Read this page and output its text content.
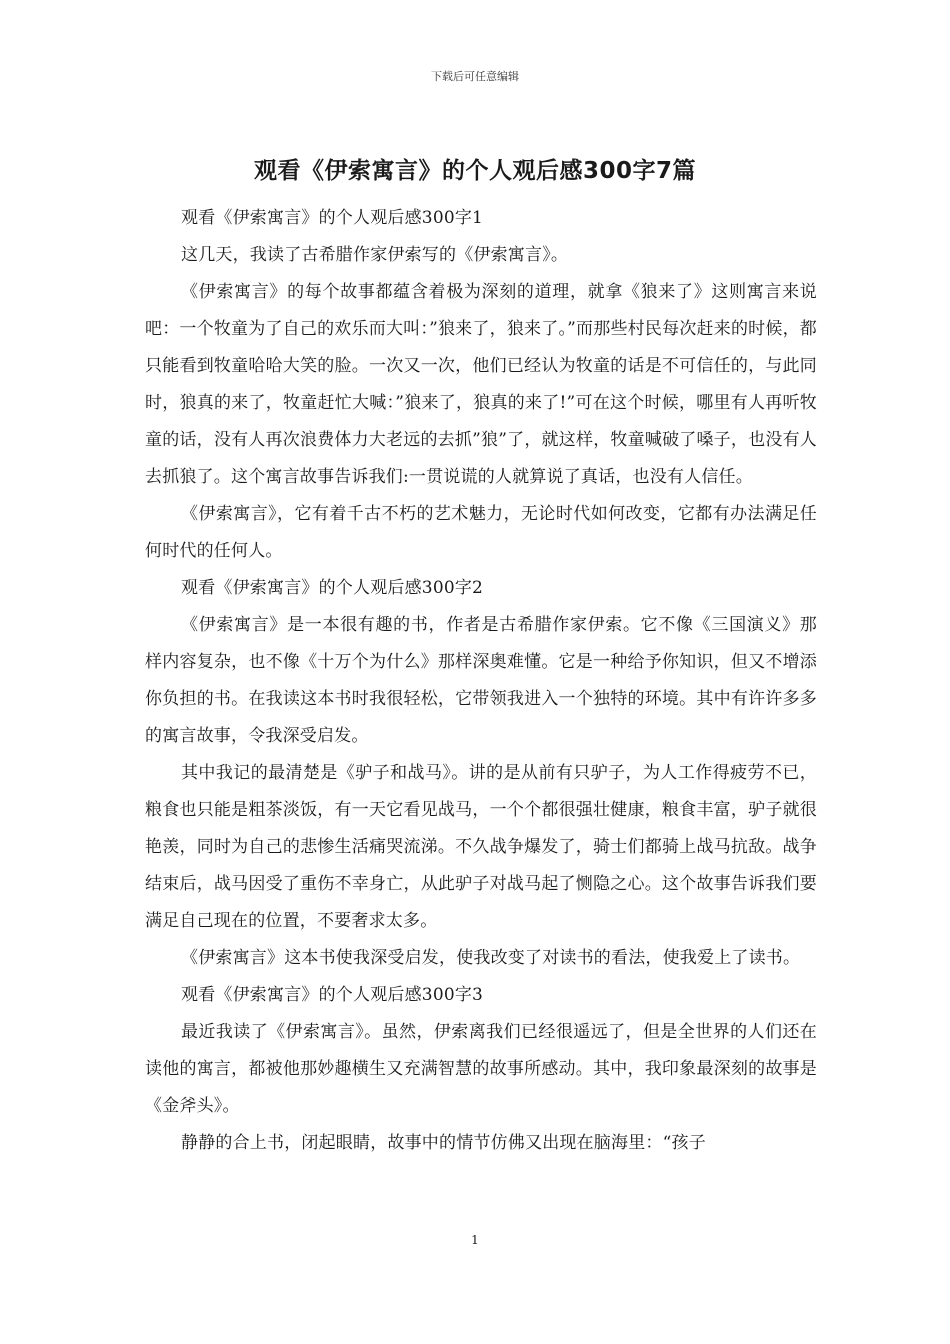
下载后可任意编辑
观看《伊索寓言》的个人观后感300字7篇

观看《伊索寓言》的个人观后感300字1

这几天，我读了古希腊作家伊索写的《伊索寓言》。

《伊索寓言》的每个故事都蕴含着极为深刻的道理，就拿《狼来了》这则寓言来说吧：一个牧童为了自己的欢乐而大叫：”狼来了，狼来了。”而那些村民每次赶来的时候，都只能看到牧童哈哈大笑的脸。一次又一次，他们已经认为牧童的话是不可信任的，与此同时，狼真的来了，牧童赶忙大喊：”狼来了，狼真的来了!”可在这个时候，哪里有人再听牧童的话，没有人再次浪费体力大老远的去抓”狼”了，就这样，牧童喊破了嗓子，也没有人去抓狼了。这个寓言故事告诉我们:一贯说谎的人就算说了真话，也没有人信任。

《伊索寓言》，它有着千古不朽的艺术魅力，无论时代如何改变，它都有办法满足任何时代的任何人。

观看《伊索寓言》的个人观后感300字2

《伊索寓言》是一本很有趣的书，作者是古希腊作家伊索。它不像《三国演义》那样内容复杂，也不像《十万个为什么》那样深奥难懂。它是一种给予你知识，但又不增添你负担的书。在我读这本书时我很轻松，它带领我进入一个独特的环境。其中有许许多多的寓言故事，令我深受启发。

其中我记的最清楚是《驴子和战马》。讲的是从前有只驴子，为人工作得疲劳不已，粮食也只能是粗茶淡饭，有一天它看见战马，一个个都很强壮健康，粮食丰富，驴子就很艳羡，同时为自己的悲惨生活痛哭流涕。不久战争爆发了，骑士们都骑上战马抗敌。战争结束后，战马因受了重伤不幸身亡，从此驴子对战马起了恻隐之心。这个故事告诉我们要满足自己现在的位置，不要奢求太多。

《伊索寓言》这本书使我深受启发，使我改变了对读书的看法，使我爱上了读书。

观看《伊索寓言》的个人观后感300字3

最近我读了《伊索寓言》。虽然，伊索离我们已经很遥远了，但是全世界的人们还在读他的寓言，都被他那妙趣横生又充满智慧的故事所感动。其中，我印象最深刻的故事是《金斧头》。

静静的合上书，闭起眼睛，故事中的情节仿佛又出现在脑海里：“孩子

1
